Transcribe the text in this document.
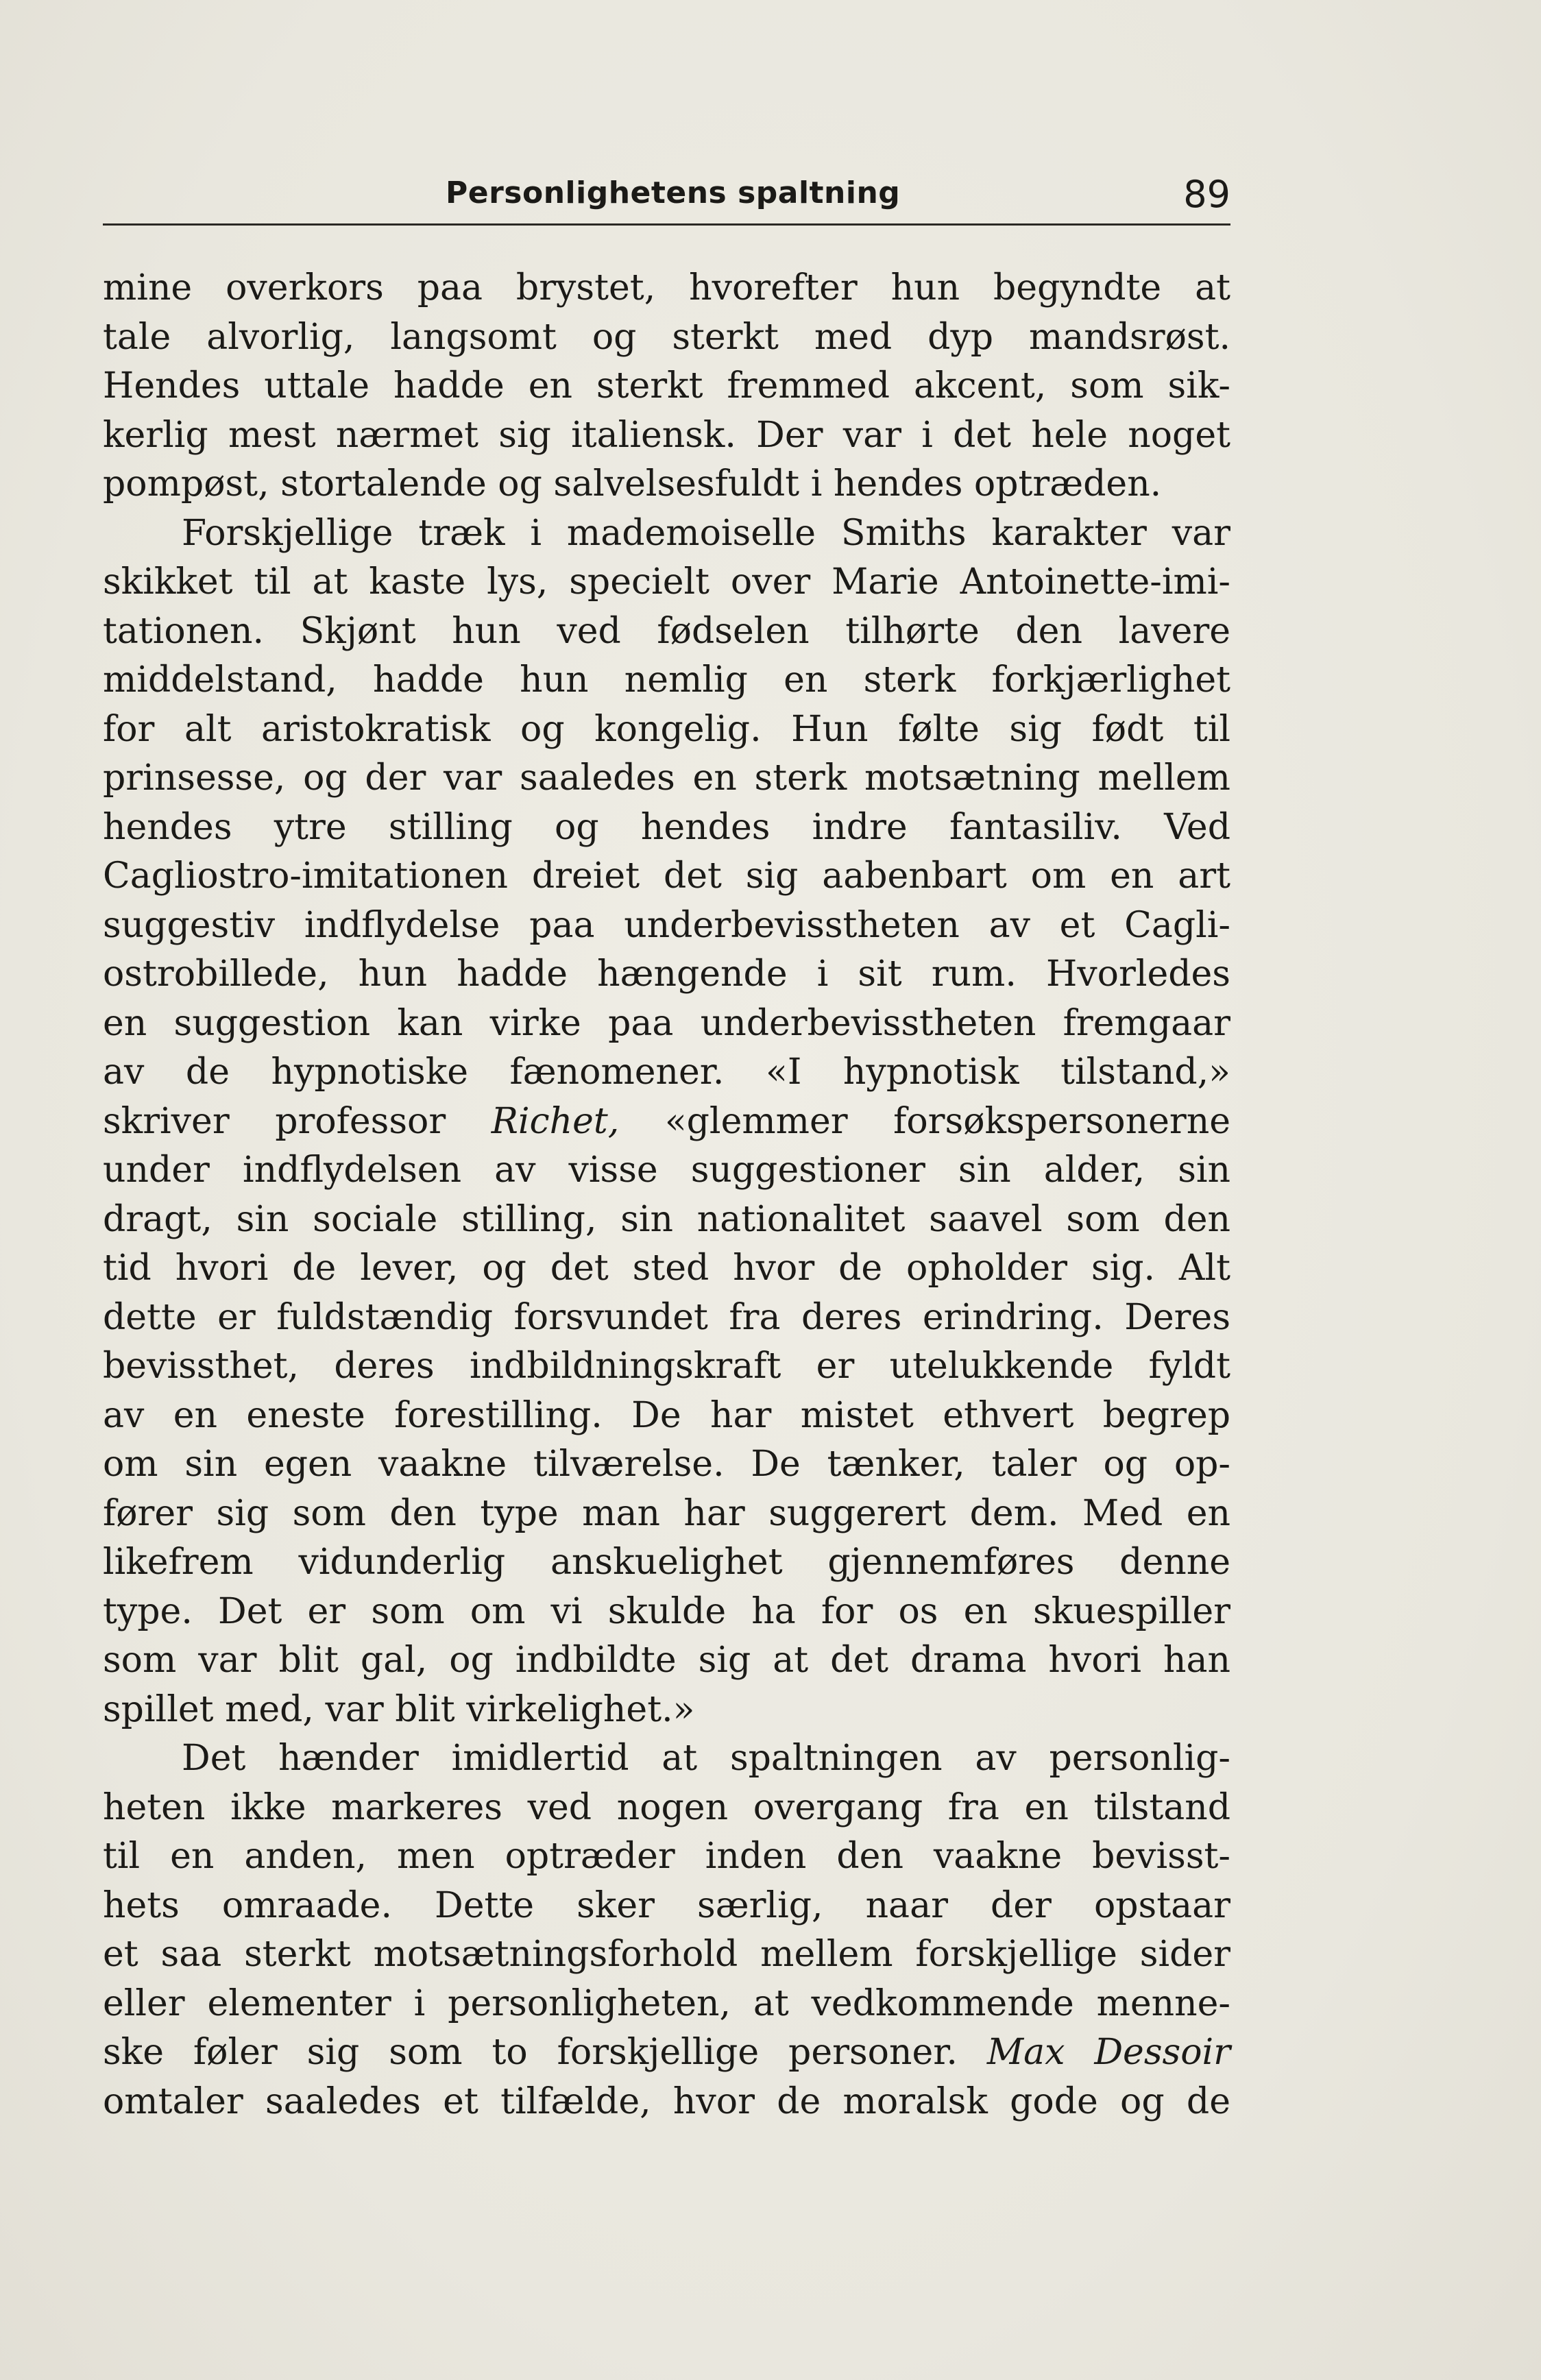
Personlighetens spaltning	89
mine overkors paa brystet, hvorefter hun begyndte at
tale alvorlig, langsomt og sterkt med dyp mandsrøst.
Hendes uttale hadde en sterkt fremmed akcent, som sik-
kerlig mest nærmet sig italiensk. Der var i det hele noget
pompøst, stortalende og salvelsesfuldt i hendes optræden.
Forskjellige træk i mademoiselle Smiths karakter var
skikket til at kaste lys, specielt over Marie Antoinette-imi-
tationen. Skjønt hun ved fødselen tilhørte den lavere
middelstand, hadde hun nemlig en sterk forkjærlighet
for alt aristokratisk og kongelig. Hun følte sig født til
prinsesse, og der var saaledes en sterk motsætning mellem
hendes ytre stilling og hendes indre fantasiliv. Ved
Cagliostro-imitationen dreiet det sig aabenbart om en art
suggestiv indflydelse paa underbevisstheten av et Cagli-
ostrobillede, hun hadde hængende i sit rum. Hvorledes
en suggestion kan virke paa underbevisstheten fremgaar
av de hypnotiske fænomener. «I hypnotisk tilstand,»
skriver professor Richet, «glemmer forsøkspersonerne
under indflydelsen av visse suggestioner sin alder, sin
dragt, sin sociale stilling, sin nationalitet saavel som den
tid hvori de lever, og det sted hvor de opholder sig. Alt
dette er fuldstændig forsvundet fra deres erindring. Deres
bevissthet, deres indbildningskraft er utelukkende fyldt
av en eneste forestilling. De har mistet ethvert begrep
om sin egen vaakne tilværelse. De tænker, taler og op-
fører sig som den type man har suggerert dem. Med en
likefrem vidunderlig anskuelighet gjennemføres denne
type. Det er som om vi skulde ha for os en skuespiller
som var blit gal, og indbildte sig at det drama hvori han
spillet med, var blit virkelighet.»
Det hænder imidlertid at spaltningen av personlig-
heten ikke markeres ved nogen overgang fra en tilstand
til en anden, men optræder inden den vaakne bevisst-
hets omraade. Dette sker særlig, naar der opstaar
et saa sterkt motsætningsforhold mellem forskjellige sider
eller elementer i personligheten, at vedkommende menne-
ske føler sig som to forskjellige personer. Max Dessoir
omtaler saaledes et tilfælde, hvor de moralsk gode og de
